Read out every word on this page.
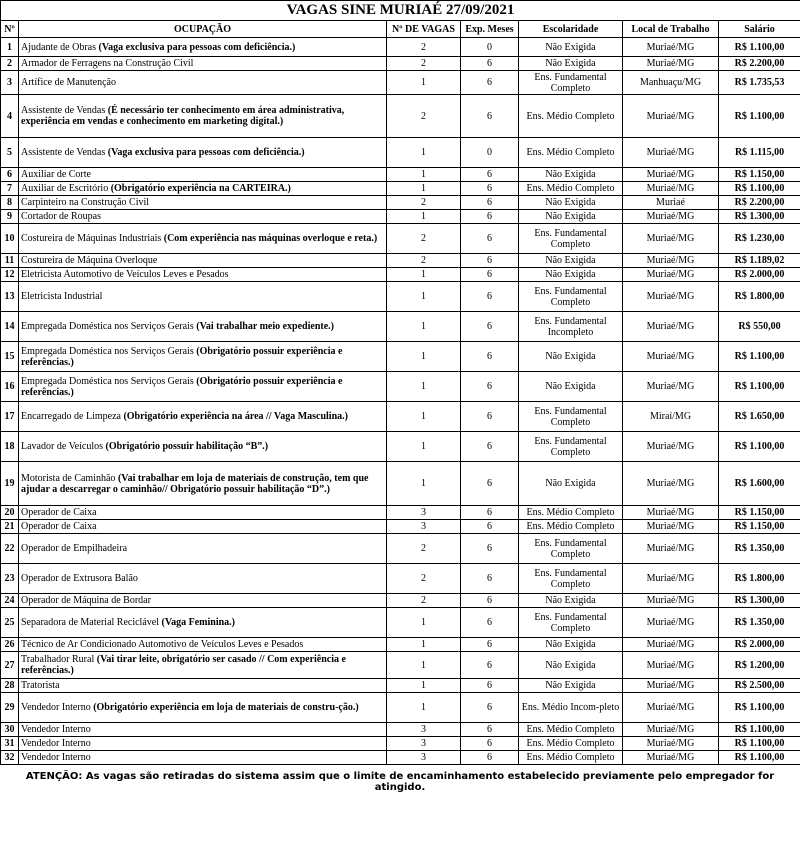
VAGAS SINE MURIAÉ 27/09/2021						
Nº	OCUPAÇÃO	Nº DE VAGAS	Exp. Meses	Escolaridade	Local de Trabalho	Salário
1	Ajudante de Obras (Vaga exclusiva para pessoas com deficiência.)	2	0	Não Exigida	Muriaé/MG	R$ 1.100,00
2	Armador de Ferragens na Construção Civil	2	6	Não Exigida	Muriaé/MG	R$ 2.200,00
3	Artífice de Manutenção	1	6	Ens. Fundamental Completo	Manhuaçu/MG	R$ 1.735,53
4	Assistente de Vendas (É necessário ter conhecimento em área administrativa, experiência em vendas e conhecimento em marketing digital.)	2	6	Ens. Médio Completo	Muriaé/MG	R$ 1.100,00
5	Assistente de Vendas (Vaga exclusiva para pessoas com deficiência.)	1	0	Ens. Médio Completo	Muriaé/MG	R$ 1.115,00
6	Auxiliar de Corte	1	6	Não Exigida	Muriaé/MG	R$ 1.150,00
7	Auxiliar de Escritório (Obrigatório experiência na CARTEIRA.)	1	6	Ens. Médio Completo	Muriaé/MG	R$ 1.100,00
8	Carpinteiro na Construção Civil	2	6	Não Exigida	Muriaé	R$ 2.200,00
9	Cortador de Roupas	1	6	Não Exigida	Muriaé/MG	R$ 1.300,00
10	Costureira de Máquinas Industriais (Com experiência nas máquinas overloque e reta.)	2	6	Ens. Fundamental Completo	Muriaé/MG	R$ 1.230,00
11	Costureira de Máquina Overloque	2	6	Não Exigida	Muriaé/MG	R$ 1.189,02
12	Eletricista Automotivo de Veículos Leves e Pesados	1	6	Não Exigida	Muriaé/MG	R$ 2.000,00
13	Eletricista Industrial	1	6	Ens. Fundamental Completo	Muriaé/MG	R$ 1.800,00
14	Empregada Doméstica nos Serviços Gerais (Vai trabalhar meio expediente.)	1	6	Ens. Fundamental Incompleto	Muriaé/MG	R$ 550,00
15	Empregada Doméstica nos Serviços Gerais (Obrigatório possuir experiência e referências.)	1	6	Não Exigida	Muriaé/MG	R$ 1.100,00
16	Empregada Doméstica nos Serviços Gerais (Obrigatório possuir experiência e referências.)	1	6	Não Exigida	Muriaé/MG	R$ 1.100,00
17	Encarregado de Limpeza (Obrigatório experiência na área // Vaga Masculina.)	1	6	Ens. Fundamental Completo	Miraí/MG	R$ 1.650,00
18	Lavador de Veículos (Obrigatório possuir habilitação “B”.)	1	6	Ens. Fundamental Completo	Muriaé/MG	R$ 1.100,00
19	Motorista de Caminhão (Vai trabalhar em loja de materiais de construção, tem que ajudar a descarregar o caminhão// Obrigatório possuir habilitação “D”.)	1	6	Não Exigida	Muriaé/MG	R$ 1.600,00
20	Operador de Caixa	3	6	Ens. Médio Completo	Muriaé/MG	R$ 1.150,00
21	Operador de Caixa	3	6	Ens. Médio Completo	Muriaé/MG	R$ 1.150,00
22	Operador de Empilhadeira	2	6	Ens. Fundamental Completo	Muriaé/MG	R$ 1.350,00
23	Operador de Extrusora Balão	2	6	Ens. Fundamental Completo	Muriaé/MG	R$ 1.800,00
24	Operador de Máquina de Bordar	2	6	Não Exigida	Muriaé/MG	R$ 1.300,00
25	Separadora de Material Reciclável (Vaga Feminina.)	1	6	Ens. Fundamental Completo	Muriaé/MG	R$ 1.350,00
26	Técnico de Ar Condicionado Automotivo de Veículos Leves e Pesados	1	6	Não Exigida	Muriaé/MG	R$ 2.000,00
27	Trabalhador Rural (Vai tirar leite, obrigatório ser casado // Com experiência e referências.)	1	6	Não Exigida	Muriaé/MG	R$ 1.200,00
28	Tratorista	1	6	Não Exigida	Muriaé/MG	R$ 2.500,00
29	Vendedor Interno (Obrigatório experiência em loja de materiais de constru-ção.)	1	6	Ens. Médio Incom-pleto	Muriaé/MG	R$ 1.100,00
30	Vendedor Interno	3	6	Ens. Médio Completo	Muriaé/MG	R$ 1.100,00
31	Vendedor Interno	3	6	Ens. Médio Completo	Muriaé/MG	R$ 1.100,00
32	Vendedor Interno	3	6	Ens. Médio Completo	Muriaé/MG	R$ 1.100,00
ATENÇÃO: As vagas são retiradas do sistema assim que o limite de encaminhamento estabelecido previamente pelo empregador for atingido.
